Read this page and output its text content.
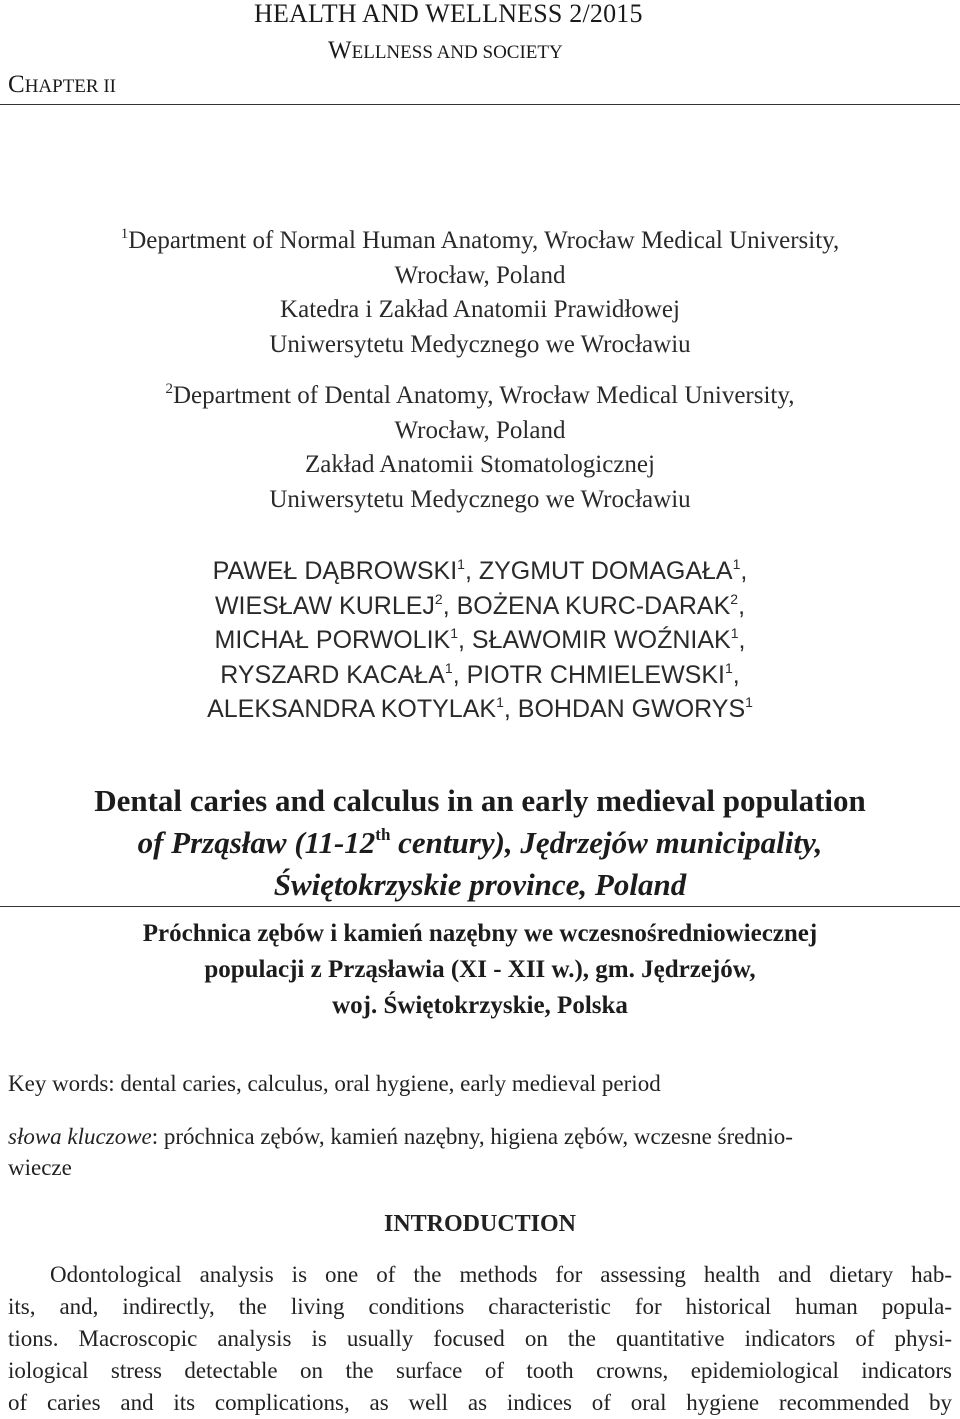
HEALTH AND WELLNESS 2/2015
WELLNESS AND SOCIETY
CHAPTER II
$^1$Department of Normal Human Anatomy, Wrocław Medical University,
Wrocław, Poland
Katedra i Zakład Anatomii Prawidłowej
Uniwersytetu Medycznego we Wrocławiu
$^2$Department of Dental Anatomy, Wrocław Medical University,
Wrocław, Poland
Zakład Anatomii Stomatologicznej
Uniwersytetu Medycznego we Wrocławiu
PAWEŁ DĄBROWSKI$^1$, ZYGMUT DOMAGAŁA$^1$,
WIESŁAW KURLEJ$^2$, BOŻENA KURC-DARAK$^2$,
MICHAŁ PORWOLIK$^1$, SŁAWOMIR WOŹNIAK$^1$,
RYSZARD KACAŁA$^1$, PIOTR CHMIELEWSKI$^1$,
ALEKSANDRA KOTYLAK$^1$, BOHDAN GWORYS$^1$
Dental caries and calculus in an early medieval population
of Prząsław (11-12th century), Jędrzejów municipality,
Świętokrzyskie province, Poland
Próchnica zębów i kamień nazębny we wczesnośredniowiecznej
populacji z Prząsławia (XI - XII w.), gm. Jędrzejów,
woj. Świętokrzyskie, Polska
Key words: dental caries, calculus, oral hygiene, early medieval period
słowa kluczowe: próchnica zębów, kamień nazębny, higiena zębów, wczesne średnio-
wiecze
INTRODUCTION
Odontological analysis is one of the methods for assessing health and dietary hab-
its, and, indirectly, the living conditions characteristic for historical human popula-
tions. Macroscopic analysis is usually focused on the quantitative indicators of physi-
iological stress detectable on the surface of tooth crowns, epidemiological indicators
of caries and its complications, as well as indices of oral hygiene recommended by
